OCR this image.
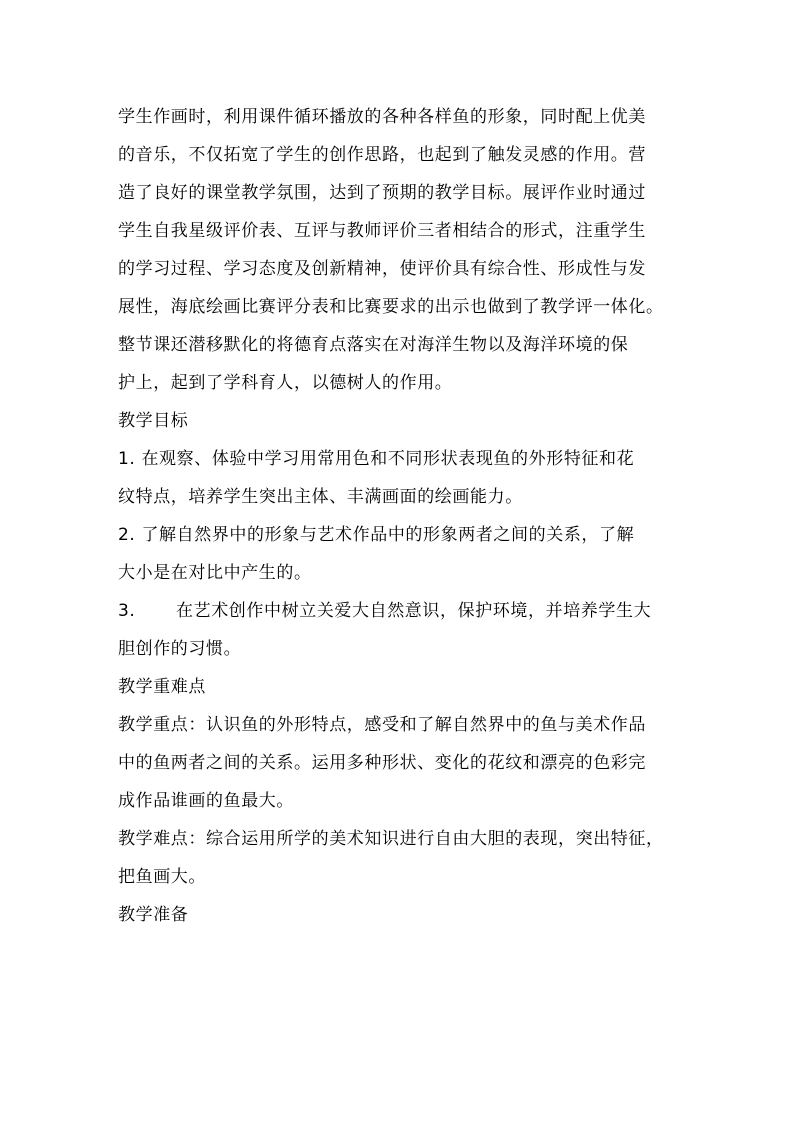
学生作画时，利用课件循环播放的各种各样鱼的形象，同时配上优美
的音乐，不仅拓宽了学生的创作思路，也起到了触发灵感的作用。营
造了良好的课堂教学氛围，达到了预期的教学目标。展评作业时通过
学生自我星级评价表、互评与教师评价三者相结合的形式，注重学生
的学习过程、学习态度及创新精神，使评价具有综合性、形成性与发
展性，海底绘画比赛评分表和比赛要求的出示也做到了教学评一体化。
整节课还潜移默化的将德育点落实在对海洋生物以及海洋环境的保
护上，起到了学科育人，以德树人的作用。
教学目标
1. 在观察、体验中学习用常用色和不同形状表现鱼的外形特征和花
纹特点，培养学生突出主体、丰满画面的绘画能力。
2. 了解自然界中的形象与艺术作品中的形象两者之间的关系，了解
大小是在对比中产生的。
3. 在艺术创作中树立关爱大自然意识，保护环境，并培养学生大
胆创作的习惯。
教学重难点
教学重点：认识鱼的外形特点，感受和了解自然界中的鱼与美术作品
中的鱼两者之间的关系。运用多种形状、变化的花纹和漂亮的色彩完
成作品谁画的鱼最大。
教学难点：综合运用所学的美术知识进行自由大胆的表现，突出特征，
把鱼画大。
教学准备
